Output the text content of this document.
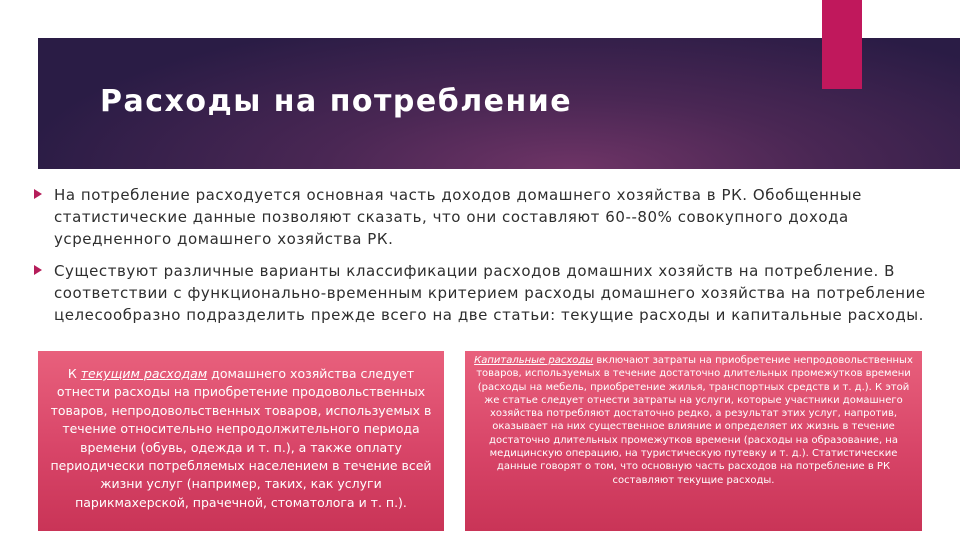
Расходы на потребление
На потребление расходуется основная часть доходов домашнего хозяйства в РК. Обобщенные статистические данные позволяют сказать, что они составляют 60--80% совокупного дохода усредненного домашнего хозяйства РК.
Существуют различные варианты классификации расходов домашних хозяйств на потребление. В соответствии с функционально-временным критерием расходы домашнего хозяйства на потребление целесообразно подразделить прежде всего на две статьи: текущие расходы и капитальные расходы.
К текущим расходам домашнего хозяйства следует отнести расходы на приобретение продовольственных товаров, непродовольственных товаров, используемых в течение относительно непродолжительного периода времени (обувь, одежда и т. п.), а также оплату периодически потребляемых населением в течение всей жизни услуг (например, таких, как услуги парикмахерской, прачечной, стоматолога и т. п.).
Капитальные расходы включают затраты на приобретение непродовольственных товаров, используемых в течение достаточно длительных промежутков времени (расходы на мебель, приобретение жилья, транспортных средств и т. д.). К этой же статье следует отнести затраты на услуги, которые участники домашнего хозяйства потребляют достаточно редко, а результат этих услуг, напротив, оказывает на них существенное влияние и определяет их жизнь в течение достаточно длительных промежутков времени (расходы на образование, на медицинскую операцию, на туристическую путевку и т. д.). Статистические данные говорят о том, что основную часть расходов на потребление в РК составляют текущие расходы.
